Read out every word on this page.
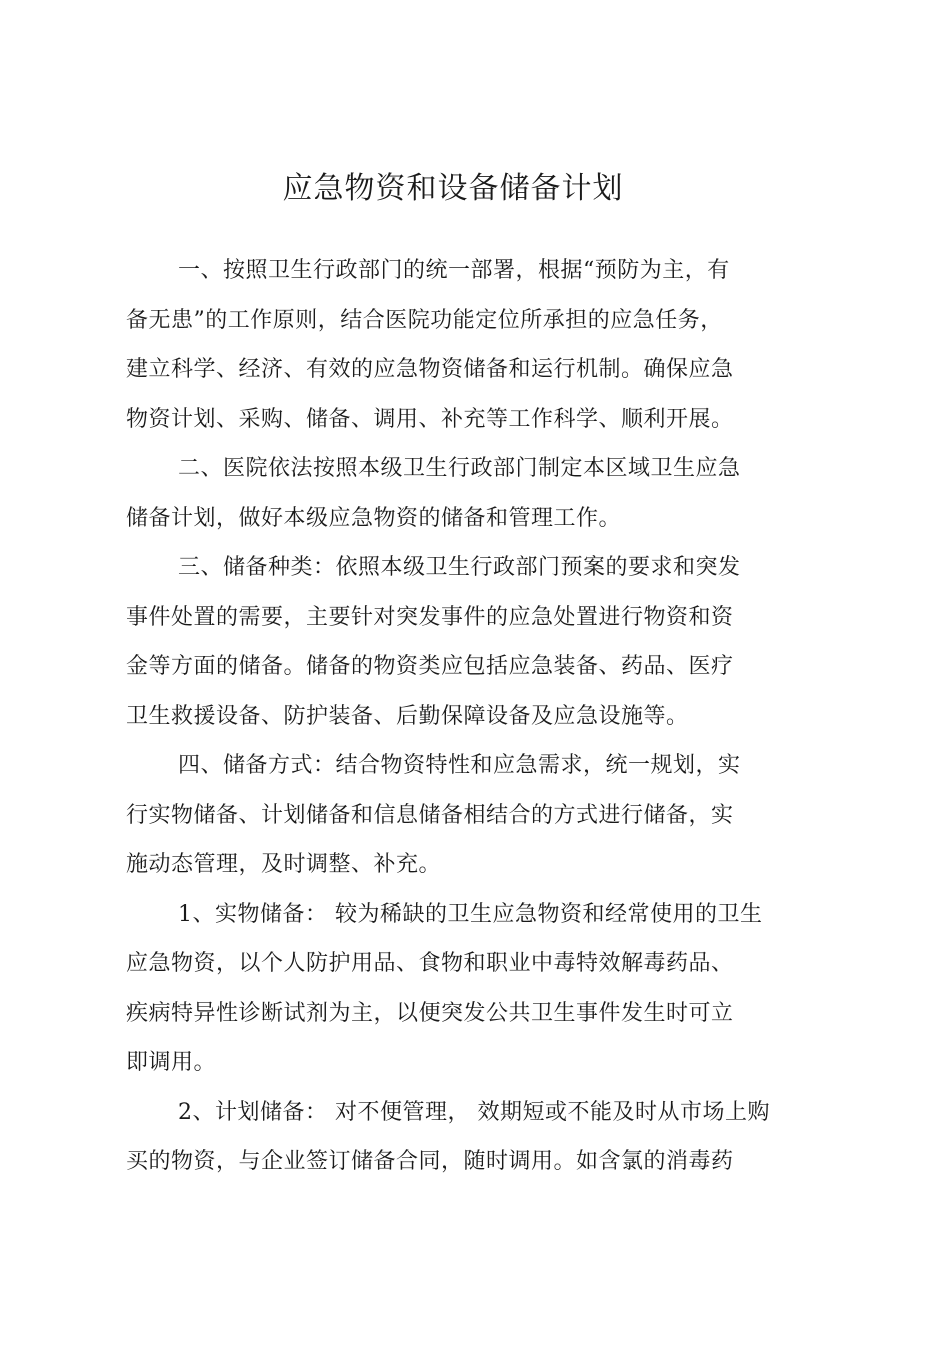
应急物资和设备储备计划
一、按照卫生行政部门的统一部署，根据“预防为主，有
备无患”的工作原则，结合医院功能定位所承担的应急任务，
建立科学、经济、有效的应急物资储备和运行机制。确保应急
物资计划、采购、储备、调用、补充等工作科学、顺利开展。
二、医院依法按照本级卫生行政部门制定本区域卫生应急
储备计划，做好本级应急物资的储备和管理工作。
三、储备种类：依照本级卫生行政部门预案的要求和突发
事件处置的需要，主要针对突发事件的应急处置进行物资和资
金等方面的储备。储备的物资类应包括应急装备、药品、医疗
卫生救援设备、防护装备、后勤保障设备及应急设施等。
四、储备方式：结合物资特性和应急需求，统一规划，实
行实物储备、计划储备和信息储备相结合的方式进行储备，实
施动态管理，及时调整、补充。
1、实物储备： 较为稀缺的卫生应急物资和经常使用的卫生
应急物资，以个人防护用品、食物和职业中毒特效解毒药品、
疾病特异性诊断试剂为主，以便突发公共卫生事件发生时可立
即调用。
2、计划储备： 对不便管理， 效期短或不能及时从市场上购
买的物资，与企业签订储备合同，随时调用。如含氯的消毒药
